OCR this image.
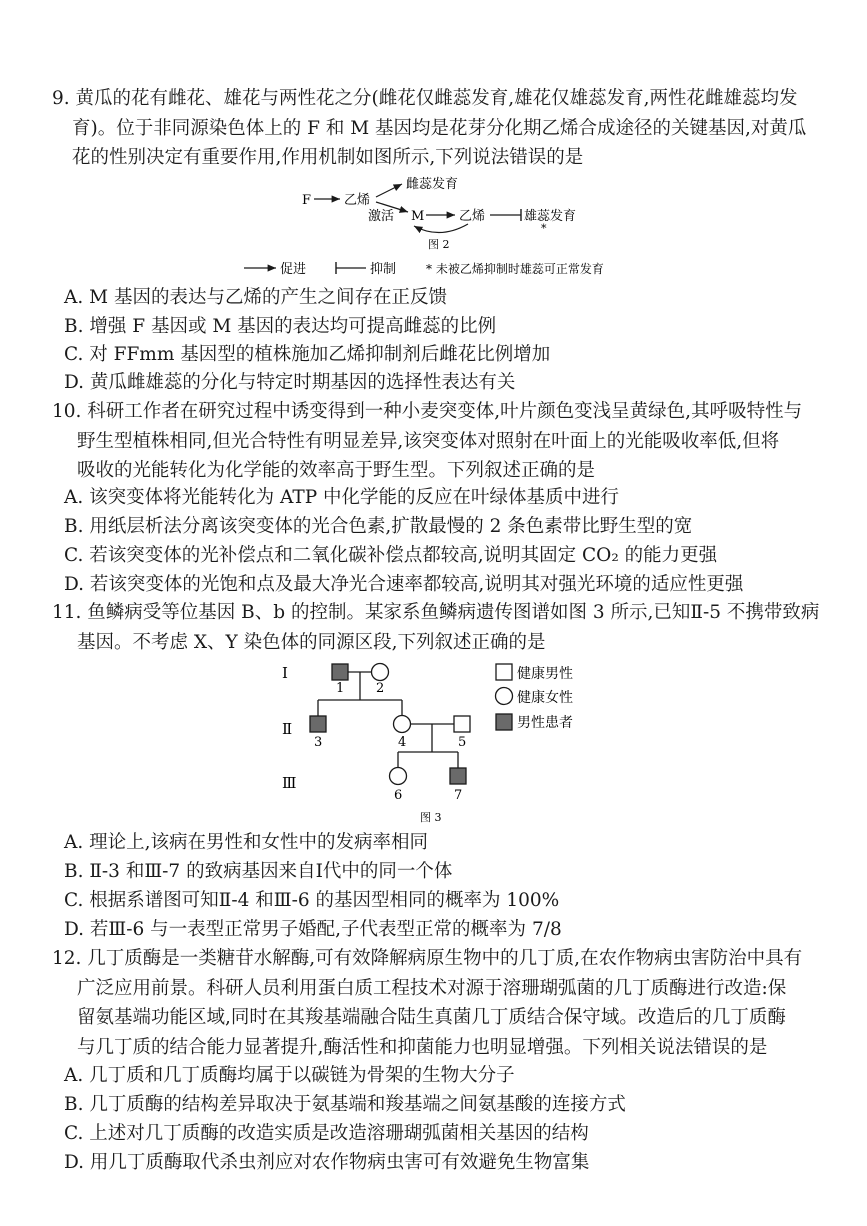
9. 黄瓜的花有雌花、雄花与两性花之分(雌花仅雌蕊发育,雄花仅雄蕊发育,两性花雌雄蕊均发
育)。位于非同源染色体上的 F 和 M 基因均是花芽分化期乙烯合成途径的关键基因,对黄瓜
花的性别决定有重要作用,作用机制如图所示,下列说法错误的是
F	乙烯
雌蕊发育
激活 M	乙烯	雄蕊发育
*
图 2
促进	抑制 * 未被乙烯抑制时雄蕊可正常发育
A. M 基因的表达与乙烯的产生之间存在正反馈
B. 增强 F 基因或 M 基因的表达均可提高雌蕊的比例
C. 对 FFmm 基因型的植株施加乙烯抑制剂后雌花比例增加
D. 黄瓜雌雄蕊的分化与特定时期基因的选择性表达有关
10. 科研工作者在研究过程中诱变得到一种小麦突变体,叶片颜色变浅呈黄绿色,其呼吸特性与
野生型植株相同,但光合特性有明显差异,该突变体对照射在叶面上的光能吸收率低,但将
吸收的光能转化为化学能的效率高于野生型。下列叙述正确的是
A. 该突变体将光能转化为 ATP 中化学能的反应在叶绿体基质中进行
B. 用纸层析法分离该突变体的光合色素,扩散最慢的 2 条色素带比野生型的宽
C. 若该突变体的光补偿点和二氧化碳补偿点都较高,说明其固定 CO₂ 的能力更强
D. 若该突变体的光饱和点及最大净光合速率都较高,说明其对强光环境的适应性更强
11. 鱼鳞病受等位基因 B、b 的控制。某家系鱼鳞病遗传图谱如图 3 所示,已知Ⅱ-5 不携带致病
基因。不考虑 X、Y 染色体的同源区段,下列叙述正确的是
Ⅰ
Ⅱ
Ⅲ
1 2
3	4	5
6	7
健康男性
健康女性
男性患者
图 3
A. 理论上,该病在男性和女性中的发病率相同
B. Ⅱ-3 和Ⅲ-7 的致病基因来自Ⅰ代中的同一个体
C. 根据系谱图可知Ⅱ-4 和Ⅲ-6 的基因型相同的概率为 100%
D. 若Ⅲ-6 与一表型正常男子婚配,子代表型正常的概率为 7/8
12. 几丁质酶是一类糖苷水解酶,可有效降解病原生物中的几丁质,在农作物病虫害防治中具有
广泛应用前景。科研人员利用蛋白质工程技术对源于溶珊瑚弧菌的几丁质酶进行改造:保
留氨基端功能区域,同时在其羧基端融合陆生真菌几丁质结合保守域。改造后的几丁质酶
与几丁质的结合能力显著提升,酶活性和抑菌能力也明显增强。下列相关说法错误的是
A. 几丁质和几丁质酶均属于以碳链为骨架的生物大分子
B. 几丁质酶的结构差异取决于氨基端和羧基端之间氨基酸的连接方式
C. 上述对几丁质酶的改造实质是改造溶珊瑚弧菌相关基因的结构
D. 用几丁质酶取代杀虫剂应对农作物病虫害可有效避免生物富集
